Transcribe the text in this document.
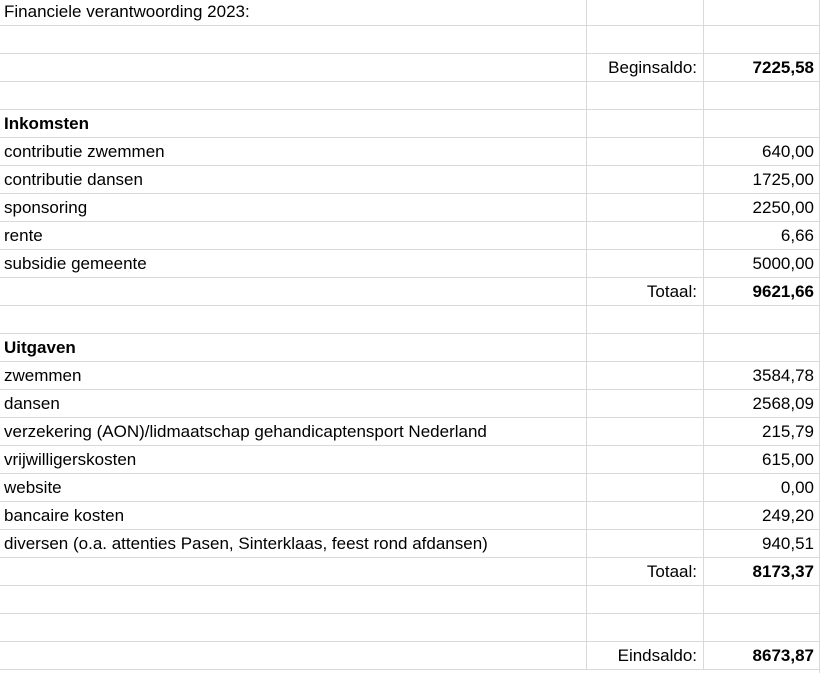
Financiele verantwoording 2023:
Beginsaldo:	7225,58
Inkomsten
contributie zwemmen	640,00
contributie dansen	1725,00
sponsoring	2250,00
rente	6,66
subsidie gemeente	5000,00
Totaal:	9621,66
Uitgaven
zwemmen	3584,78
dansen	2568,09
verzekering (AON)/lidmaatschap gehandicaptensport Nederland	215,79
vrijwilligerskosten	615,00
website	0,00
bancaire kosten	249,20
diversen (o.a. attenties Pasen, Sinterklaas, feest rond afdansen)	940,51
Totaal:	8173,37
Eindsaldo:	8673,87
